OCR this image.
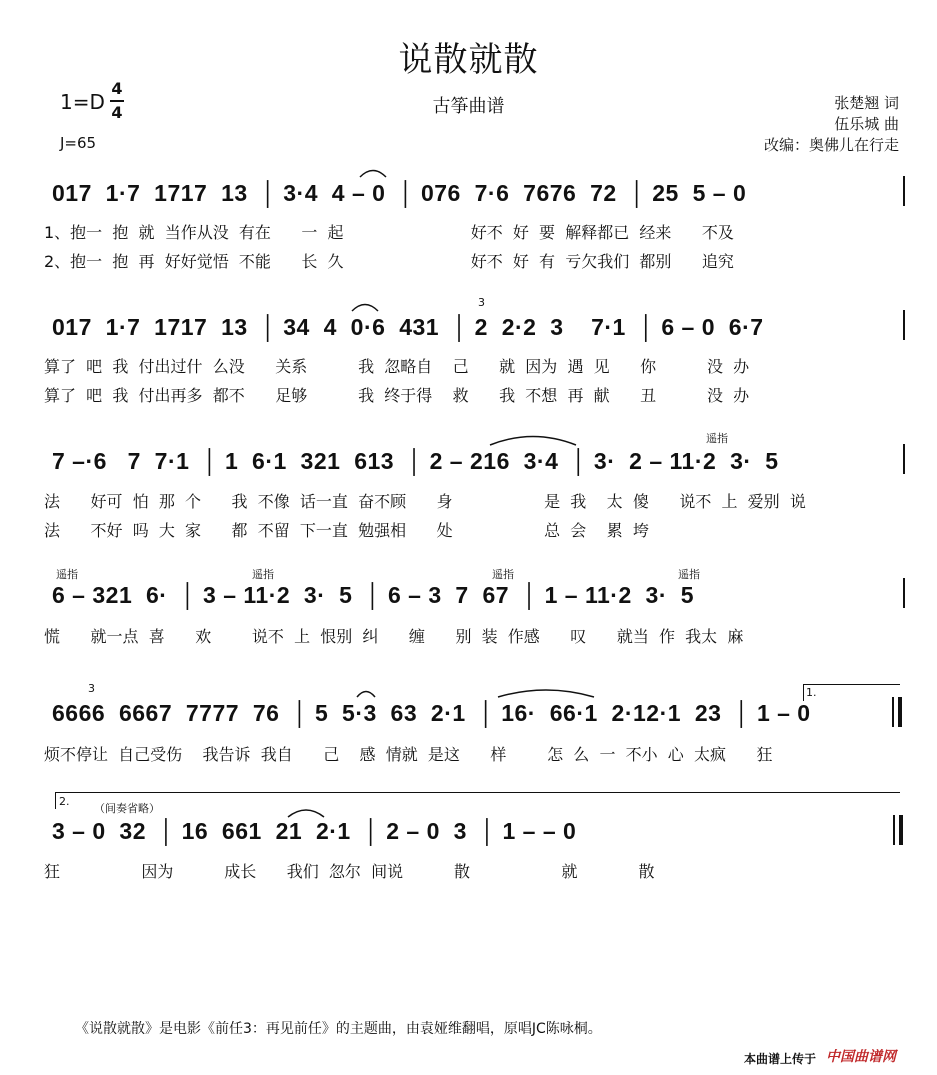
说散就散
古筝曲谱
1=D
4
4
J=65
张楚翘 词
伍乐城 曲
改编：奥佛儿在行走
017  1·7  1717  13  │ 3·4  4 – 0  │ 076  7·6  7676  72  │ 25  5 – 0
1、抱一  抱  就  当作从没  有在      一  起                         好不  好  要  解释都已  经来      不及
2、抱一  抱  再  好好觉悟  不能      长  久                         好不  好  有  亏欠我们  都别      追究
017  1·7  1717  13  │ 34  4  0·6  431  │ 2  2·2  3    7·1  │ 6 – 0  6·7
算了  吧  我  付出过什  么没      关系          我  忽略自    己      就  因为  遇  见      你          没  办
算了  吧  我  付出再多  都不      足够          我  终于得    救      我  不想  再  献      丑          没  办
3
7 –·6   7  7·1  │ 1  6·1  321  613  │ 2 – 216  3·4  │ 3·  2 – 11·2  3·  5
法      好可  怕  那  个      我  不像  话一直  奋不顾      身                  是  我    太  傻      说不  上  爱别  说
法      不好  吗  大  家      都  不留  下一直  勉强相      处                  总  会    累  垮
遥指
遥指	遥指	遥指	遥指
6 – 321  6·  │ 3 – 11·2  3·  5  │ 6 – 3  7  67  │ 1 – 11·2  3·  5
慌      就一点  喜      欢        说不  上  恨别  纠      缠      别  装  作感      叹      就当  作  我太  麻
3	1.
6666  6667  7777  76  │ 5  5·3  63  2·1  │ 16·  66·1  2·12·1  23  │ 1 – 0
烦不停让  自己受伤    我告诉  我自      己    感  情就  是这      样        怎  么  一  不小  心  太疯      狂
2.
（间奏省略）
3 – 0  32  │ 16  661  21  2·1  │ 2 – 0  3  │ 1 – – 0
狂                因为          成长      我们  忽尔  间说          散                  就            散
《说散就散》是电影《前任3：再见前任》的主题曲，由袁娅维翻唱，原唱JC陈咏桐。
本曲谱上传于 中国曲谱网
